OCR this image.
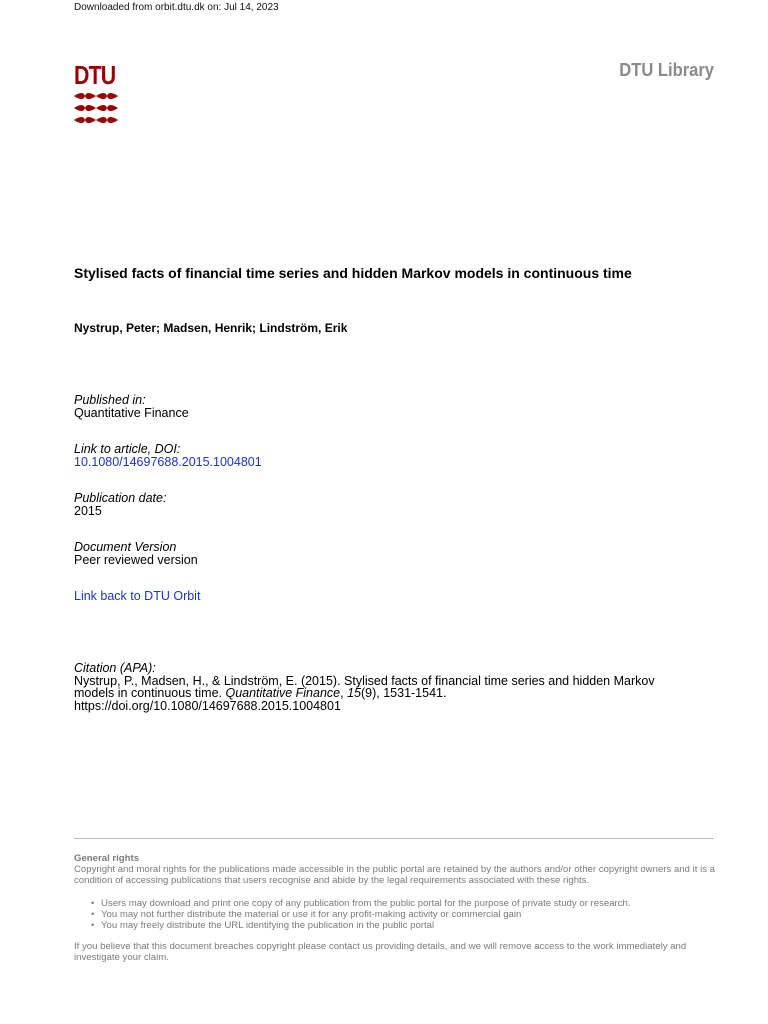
Downloaded from orbit.dtu.dk on: Jul 14, 2023
DTU	DTU Library
Stylised facts of financial time series and hidden Markov models in continuous time
Nystrup, Peter; Madsen, Henrik; Lindström, Erik
Published in:
Quantitative Finance
Link to article, DOI:
10.1080/14697688.2015.1004801
Publication date:
2015
Document Version
Peer reviewed version
Link back to DTU Orbit
Citation (APA):
Nystrup, P., Madsen, H., & Lindström, E. (2015). Stylised facts of financial time series and hidden Markov
models in continuous time. Quantitative Finance, 15(9), 1531-1541.
https://doi.org/10.1080/14697688.2015.1004801
General rights
Copyright and moral rights for the publications made accessible in the public portal are retained by the authors and/or other copyright owners and it is a condition of accessing publications that users recognise and abide by the legal requirements associated with these rights.
• Users may download and print one copy of any publication from the public portal for the purpose of private study or research.
• You may not further distribute the material or use it for any profit-making activity or commercial gain
• You may freely distribute the URL identifying the publication in the public portal
If you believe that this document breaches copyright please contact us providing details, and we will remove access to the work immediately and investigate your claim.
